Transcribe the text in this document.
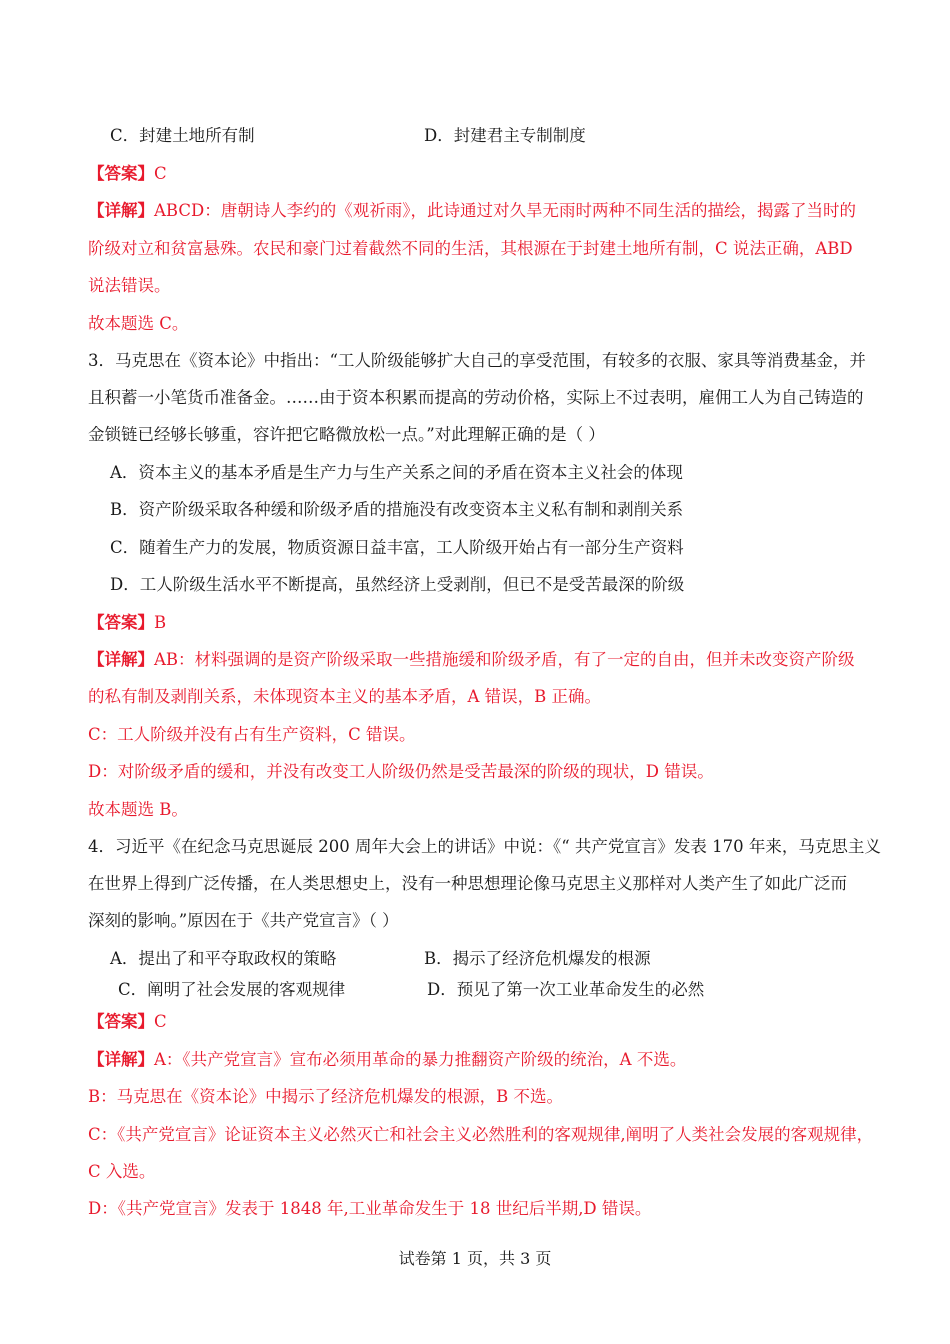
C．封建土地所有制	D．封建君主专制制度
【答案】C
【详解】ABCD：唐朝诗人李约的《观祈雨》，此诗通过对久旱无雨时两种不同生活的描绘，揭露了当时的
阶级对立和贫富悬殊。农民和豪门过着截然不同的生活，其根源在于封建土地所有制，C 说法正确，ABD
说法错误。
故本题选 C。
3．马克思在《资本论》中指出：“工人阶级能够扩大自己的享受范围，有较多的衣服、家具等消费基金，并
且积蓄一小笔货币准备金。……由于资本积累而提高的劳动价格，实际上不过表明，雇佣工人为自己铸造的
金锁链已经够长够重，容许把它略微放松一点。”对此理解正确的是（ ）
A．资本主义的基本矛盾是生产力与生产关系之间的矛盾在资本主义社会的体现
B．资产阶级采取各种缓和阶级矛盾的措施没有改变资本主义私有制和剥削关系
C．随着生产力的发展，物质资源日益丰富，工人阶级开始占有一部分生产资料
D．工人阶级生活水平不断提高，虽然经济上受剥削，但已不是受苦最深的阶级
【答案】B
【详解】AB：材料强调的是资产阶级采取一些措施缓和阶级矛盾，有了一定的自由，但并未改变资产阶级
的私有制及剥削关系，未体现资本主义的基本矛盾，A 错误，B 正确。
C：工人阶级并没有占有生产资料，C 错误。
D：对阶级矛盾的缓和，并没有改变工人阶级仍然是受苦最深的阶级的现状，D 错误。
故本题选 B。
4．习近平《在纪念马克思诞辰 200 周年大会上的讲话》中说：《“ 共产党宣言》发表 170 年来，马克思主义
在世界上得到广泛传播，在人类思想史上，没有一种思想理论像马克思主义那样对人类产生了如此广泛而
深刻的影响。”原因在于《共产党宣言》（ ）
A．提出了和平夺取政权的策略	B．揭示了经济危机爆发的根源
C．阐明了社会发展的客观规律	D．预见了第一次工业革命发生的必然
【答案】C
【详解】A：《共产党宣言》宣布必须用革命的暴力推翻资产阶级的统治，A 不选。
B：马克思在《资本论》中揭示了经济危机爆发的根源，B 不选。
C：《共产党宣言》论证资本主义必然灭亡和社会主义必然胜利的客观规律,阐明了人类社会发展的客观规律，
C 入选。
D：《共产党宣言》发表于 1848 年,工业革命发生于 18 世纪后半期,D 错误。
试卷第 1 页，共 3 页
